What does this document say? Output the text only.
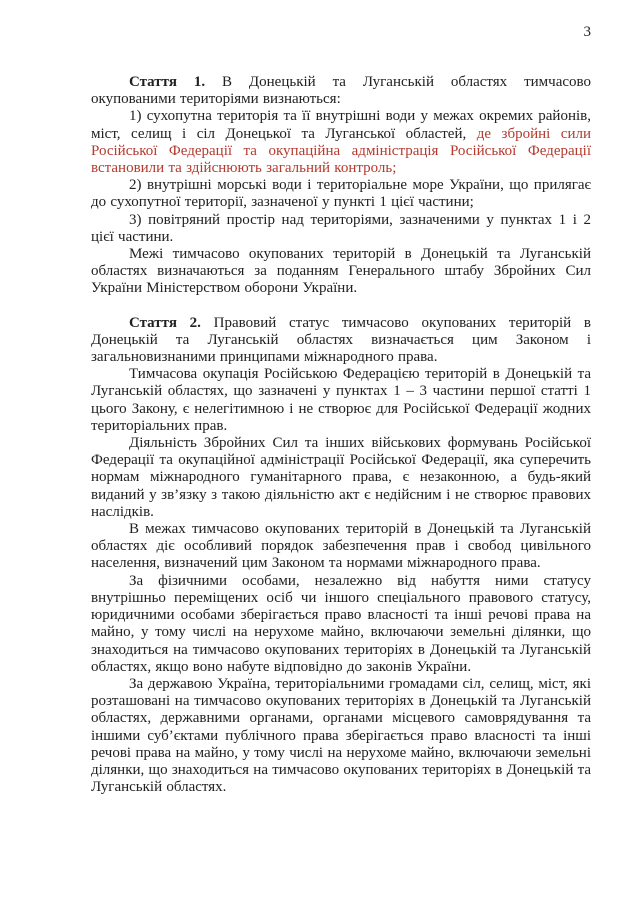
3

Стаття 1. В Донецькій та Луганській областях тимчасово окупованими територіями визнаються:

1) сухопутна територія та її внутрішні води у межах окремих районів, міст, селищ і сіл Донецької та Луганської областей, де збройні сили Російської Федерації та окупаційна адміністрація Російської Федерації встановили та здійснюють загальний контроль;

2) внутрішні морські води і територіальне море України, що прилягає до сухопутної території, зазначеної у пункті 1 цієї частини;

3) повітряний простір над територіями, зазначеними у пунктах 1 і 2 цієї частини.

Межі тимчасово окупованих територій в Донецькій та Луганській областях визначаються за поданням Генерального штабу Збройних Сил України Міністерством оборони України.

Стаття 2. Правовий статус тимчасово окупованих територій в Донецькій та Луганській областях визначається цим Законом і загальновизнаними принципами міжнародного права.

Тимчасова окупація Російською Федерацією територій в Донецькій та Луганській областях, що зазначені у пунктах 1 – 3 частини першої статті 1 цього Закону, є нелегітимною і не створює для Російської Федерації жодних територіальних прав.

Діяльність Збройних Сил та інших військових формувань Російської Федерації та окупаційної адміністрації Російської Федерації, яка суперечить нормам міжнародного гуманітарного права, є незаконною, а будь-який виданий у зв’язку з такою діяльністю акт є недійсним і не створює правових наслідків.

В межах тимчасово окупованих територій в Донецькій та Луганській областях діє особливий порядок забезпечення прав і свобод цивільного населення, визначений цим Законом та нормами міжнародного права.

За фізичними особами, незалежно від набуття ними статусу внутрішньо переміщених осіб чи іншого спеціального правового статусу, юридичними особами зберігається право власності та інші речові права на майно, у тому числі на нерухоме майно, включаючи земельні ділянки, що знаходиться на тимчасово окупованих територіях в Донецькій та Луганській областях, якщо воно набуте відповідно до законів України.

За державою Україна, територіальними громадами сіл, селищ, міст, які розташовані на тимчасово окупованих територіях в Донецькій та Луганській областях, державними органами, органами місцевого самоврядування та іншими суб’єктами публічного права зберігається право власності та інші речові права на майно, у тому числі на нерухоме майно, включаючи земельні ділянки, що знаходиться на тимчасово окупованих територіях в Донецькій та Луганській областях.
